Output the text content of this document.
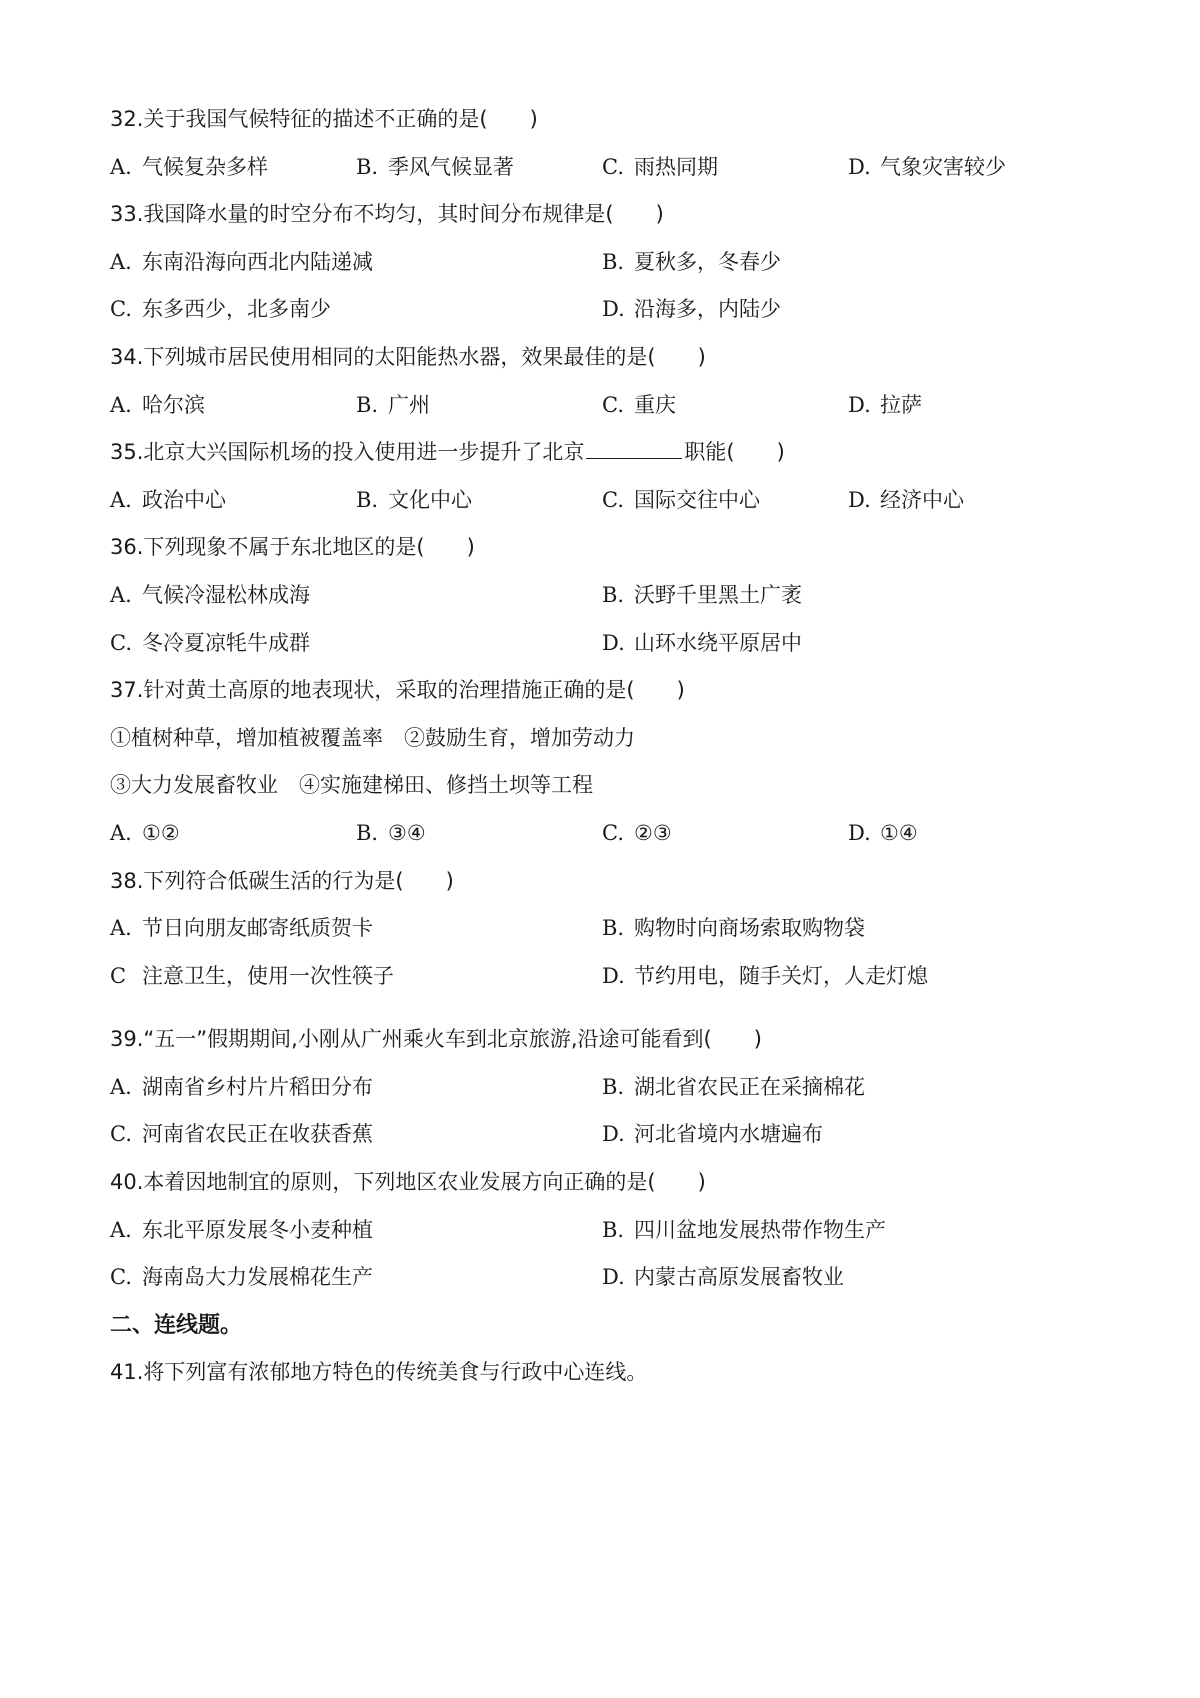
32.关于我国气候特征的描述不正确的是(　　)
A. 气候复杂多样	B. 季风气候显著	C. 雨热同期	D. 气象灾害较少
33.我国降水量的时空分布不均匀，其时间分布规律是(　　)
A. 东南沿海向西北内陆递减	B. 夏秋多，冬春少
C. 东多西少，北多南少	D. 沿海多，内陆少
34.下列城市居民使用相同的太阳能热水器，效果最佳的是(　　)
A. 哈尔滨	B. 广州	C. 重庆	D. 拉萨
35.北京大兴国际机场的投入使用进一步提升了北京	职能(　　)
A. 政治中心	B. 文化中心	C. 国际交往中心	D. 经济中心
36.下列现象不属于东北地区的是(　　)
A. 气候冷湿松林成海	B. 沃野千里黑土广袤
C. 冬冷夏凉牦牛成群	D. 山环水绕平原居中
37.针对黄土高原的地表现状，采取的治理措施正确的是(　　)
①植树种草，增加植被覆盖率　②鼓励生育，增加劳动力
③大力发展畜牧业　④实施建梯田、修挡土坝等工程
A. ①②	B. ③④	C. ②③	D. ①④
38.下列符合低碳生活的行为是(　　)
A. 节日向朋友邮寄纸质贺卡	B. 购物时向商场索取购物袋
C 注意卫生，使用一次性筷子	D. 节约用电，随手关灯，人走灯熄
39.“五一”假期期间,小刚从广州乘火车到北京旅游,沿途可能看到(　　)
A. 湖南省乡村片片稻田分布	B. 湖北省农民正在采摘棉花
C. 河南省农民正在收获香蕉	D. 河北省境内水塘遍布
40.本着因地制宜的原则，下列地区农业发展方向正确的是(　　)
A. 东北平原发展冬小麦种植	B. 四川盆地发展热带作物生产
C. 海南岛大力发展棉花生产	D. 内蒙古高原发展畜牧业
二、连线题。
41.将下列富有浓郁地方特色的传统美食与行政中心连线。
